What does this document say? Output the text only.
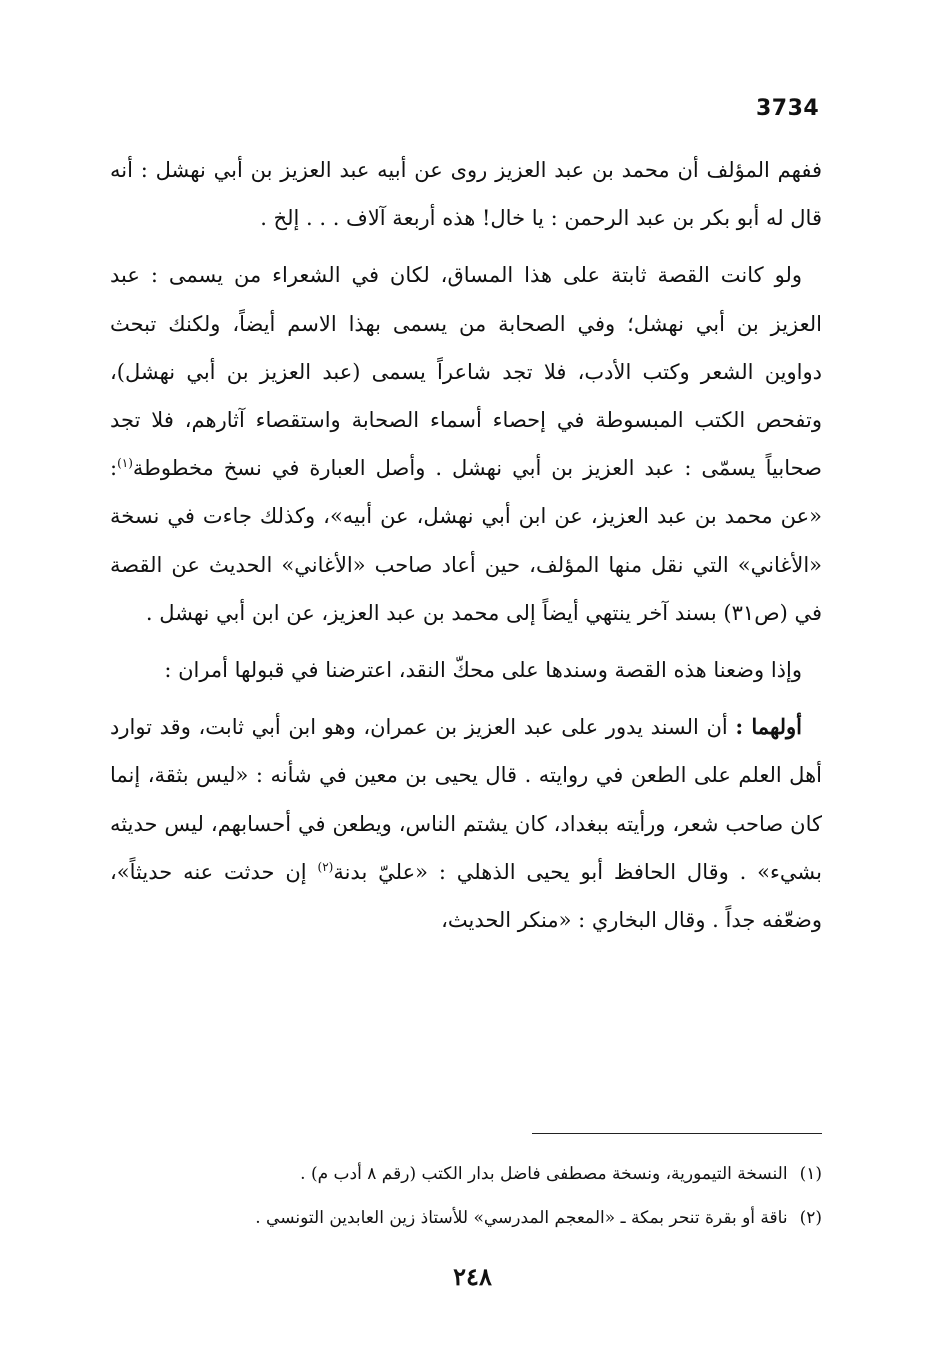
3734

ففهم المؤلف أن محمد بن عبد العزيز روى عن أبيه عبد العزيز بن أبي نهشل : أنه قال له أبو بكر بن عبد الرحمن : يا خال! هذه أربعة آلاف . . . إلخ .

ولو كانت القصة ثابتة على هذا المساق، لكان في الشعراء من يسمى : عبد العزيز بن أبي نهشل؛ وفي الصحابة من يسمى بهذا الاسم أيضاً، ولكنك تبحث دواوين الشعر وكتب الأدب، فلا تجد شاعراً يسمى (عبد العزيز بن أبي نهشل)، وتفحص الكتب المبسوطة في إحصاء أسماء الصحابة واستقصاء آثارهم، فلا تجد صحابياً يسمّى : عبد العزيز بن أبي نهشل . وأصل العبارة في نسخ مخطوطة$^{(١)}$: «عن محمد بن عبد العزيز، عن ابن أبي نهشل، عن أبيه»، وكذلك جاءت في نسخة «الأغاني» التي نقل منها المؤلف، حين أعاد صاحب «الأغاني» الحديث عن القصة في (ص٣١) بسند آخر ينتهي أيضاً إلى محمد بن عبد العزيز، عن ابن أبي نهشل .

وإذا وضعنا هذه القصة وسندها على محكّ النقد، اعترضنا في قبولها أمران :

أولهما : أن السند يدور على عبد العزيز بن عمران، وهو ابن أبي ثابت، وقد توارد أهل العلم على الطعن في روايته . قال يحيى بن معين في شأنه : «ليس بثقة، إنما كان صاحب شعر، ورأيته ببغداد، كان يشتم الناس، ويطعن في أحسابهم، ليس حديثه بشيء» . وقال الحافظ أبو يحيى الذهلي : «عليّ بدنة$^{(٢)}$ إن حدثت عنه حديثاً»، وضعّفه جداً . وقال البخاري : «منكر الحديث،

(١)النسخة التيمورية، ونسخة مصطفى فاضل بدار الكتب (رقم ٨ أدب م) .

(٢)ناقة أو بقرة تنحر بمكة ـ «المعجم المدرسي» للأستاذ زين العابدين التونسي .

٢٤٨
